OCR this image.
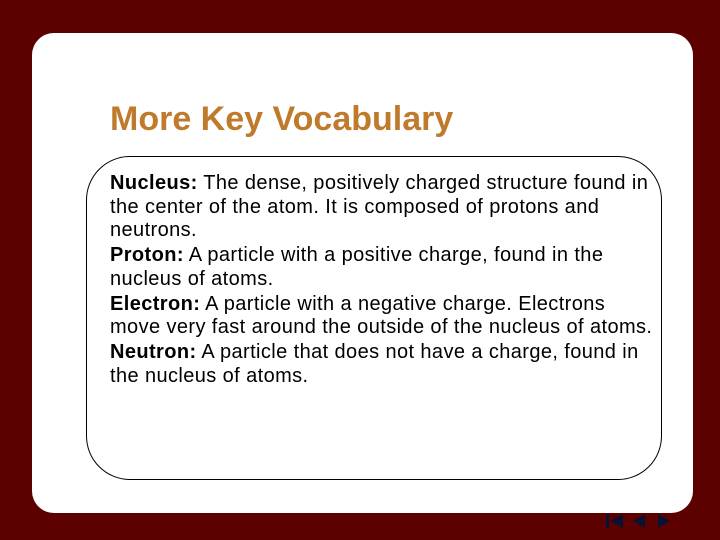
More Key Vocabulary
Nucleus: The dense, positively charged structure found in the center of the atom. It is composed of protons and neutrons.
Proton: A particle with a positive charge, found in the nucleus of atoms.
Electron: A particle with a negative charge. Electrons move very fast around the outside of the nucleus of atoms.
Neutron: A particle that does not have a charge, found in the nucleus of atoms.
